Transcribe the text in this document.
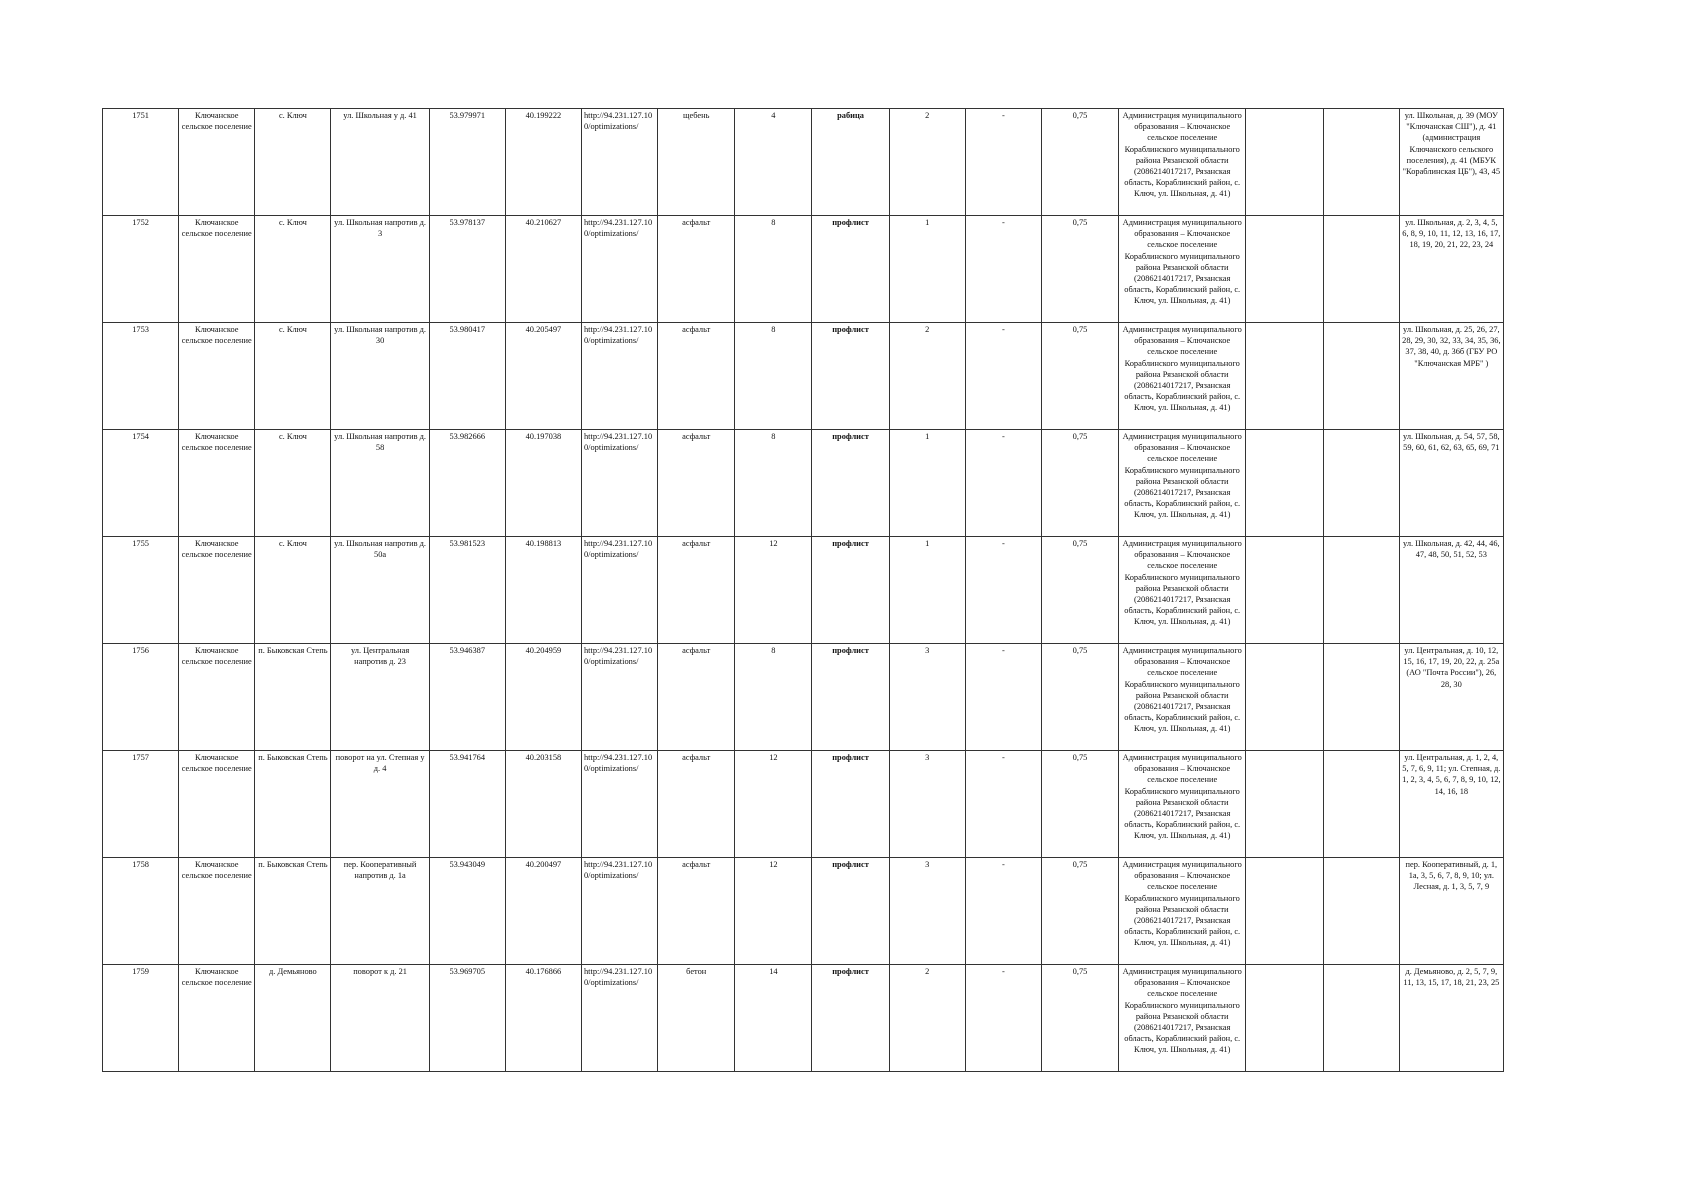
1751	Ключанское сельское поселение	с. Ключ	ул. Школьная у д. 41	53.979971	40.199222	http://94.231.127.10 0/optimizations/	щебень	4	рабица	2	-	0,75	Администрация муниципального образования – Ключанское сельское поселение Кораблинского муниципального района Рязанской области (2086214017217, Рязанская область, Кораблинский район, с. Ключ, ул. Школьная, д. 41)			ул. Школьная, д. 39 (МОУ "Ключанская СШ"), д. 41 (администрация Ключанского сельского поселения), д. 41 (МБУК "Кораблинская ЦБ"), 43, 45
1752	Ключанское сельское поселение	с. Ключ	ул. Школьная напротив д. 3	53.978137	40.210627	http://94.231.127.10 0/optimizations/	асфальт	8	профлист	1	-	0,75	Администрация муниципального образования – Ключанское сельское поселение Кораблинского муниципального района Рязанской области (2086214017217, Рязанская область, Кораблинский район, с. Ключ, ул. Школьная, д. 41)			ул. Школьная, д. 2, 3, 4, 5, 6, 8, 9, 10, 11, 12, 13, 16, 17, 18, 19, 20, 21, 22, 23, 24
1753	Ключанское сельское поселение	с. Ключ	ул. Школьная напротив д. 30	53.980417	40.205497	http://94.231.127.10 0/optimizations/	асфальт	8	профлист	2	-	0,75	Администрация муниципального образования – Ключанское сельское поселение Кораблинского муниципального района Рязанской области (2086214017217, Рязанская область, Кораблинский район, с. Ключ, ул. Школьная, д. 41)			ул. Школьная, д. 25, 26, 27, 28, 29, 30, 32, 33, 34, 35, 36, 37, 38, 40, д. 36б (ГБУ РО "Ключанская МРБ" )
1754	Ключанское сельское поселение	с. Ключ	ул. Школьная напротив д. 58	53.982666	40.197038	http://94.231.127.10 0/optimizations/	асфальт	8	профлист	1	-	0,75	Администрация муниципального образования – Ключанское сельское поселение Кораблинского муниципального района Рязанской области (2086214017217, Рязанская область, Кораблинский район, с. Ключ, ул. Школьная, д. 41)			ул. Школьная, д. 54, 57, 58, 59, 60, 61, 62, 63, 65, 69, 71
1755	Ключанское сельское поселение	с. Ключ	ул. Школьная напротив д. 50а	53.981523	40.198813	http://94.231.127.10 0/optimizations/	асфальт	12	профлист	1	-	0,75	Администрация муниципального образования – Ключанское сельское поселение Кораблинского муниципального района Рязанской области (2086214017217, Рязанская область, Кораблинский район, с. Ключ, ул. Школьная, д. 41)			ул. Школьная, д. 42, 44, 46, 47, 48, 50, 51, 52, 53
1756	Ключанское сельское поселение	п. Быковская Степь	ул. Центральная напротив д. 23	53.946387	40.204959	http://94.231.127.10 0/optimizations/	асфальт	8	профлист	3	-	0,75	Администрация муниципального образования – Ключанское сельское поселение Кораблинского муниципального района Рязанской области (2086214017217, Рязанская область, Кораблинский район, с. Ключ, ул. Школьная, д. 41)			ул. Центральная, д. 10, 12, 15, 16, 17, 19, 20, 22, д. 25а (АО "Почта России"), 26, 28, 30
1757	Ключанское сельское поселение	п. Быковская Степь	поворот на ул. Степная у д. 4	53.941764	40.203158	http://94.231.127.10 0/optimizations/	асфальт	12	профлист	3	-	0,75	Администрация муниципального образования – Ключанское сельское поселение Кораблинского муниципального района Рязанской области (2086214017217, Рязанская область, Кораблинский район, с. Ключ, ул. Школьная, д. 41)			ул. Центральная, д. 1, 2, 4, 5, 7, 6, 9, 11; ул. Степная, д. 1, 2, 3, 4, 5, 6, 7, 8, 9, 10, 12, 14, 16, 18
1758	Ключанское сельское поселение	п. Быковская Степь	пер. Кооперативный напротив д. 1а	53.943049	40.200497	http://94.231.127.10 0/optimizations/	асфальт	12	профлист	3	-	0,75	Администрация муниципального образования – Ключанское сельское поселение Кораблинского муниципального района Рязанской области (2086214017217, Рязанская область, Кораблинский район, с. Ключ, ул. Школьная, д. 41)			пер. Кооперативный, д. 1, 1а, 3, 5, 6, 7, 8, 9, 10; ул. Лесная, д. 1, 3, 5, 7, 9
1759	Ключанское сельское поселение	д. Демьяново	поворот к д. 21	53.969705	40.176866	http://94.231.127.10 0/optimizations/	бетон	14	профлист	2	-	0,75	Администрация муниципального образования – Ключанское сельское поселение Кораблинского муниципального района Рязанской области (2086214017217, Рязанская область, Кораблинский район, с. Ключ, ул. Школьная, д. 41)			д. Демьяново, д. 2, 5, 7, 9, 11, 13, 15, 17, 18, 21, 23, 25
